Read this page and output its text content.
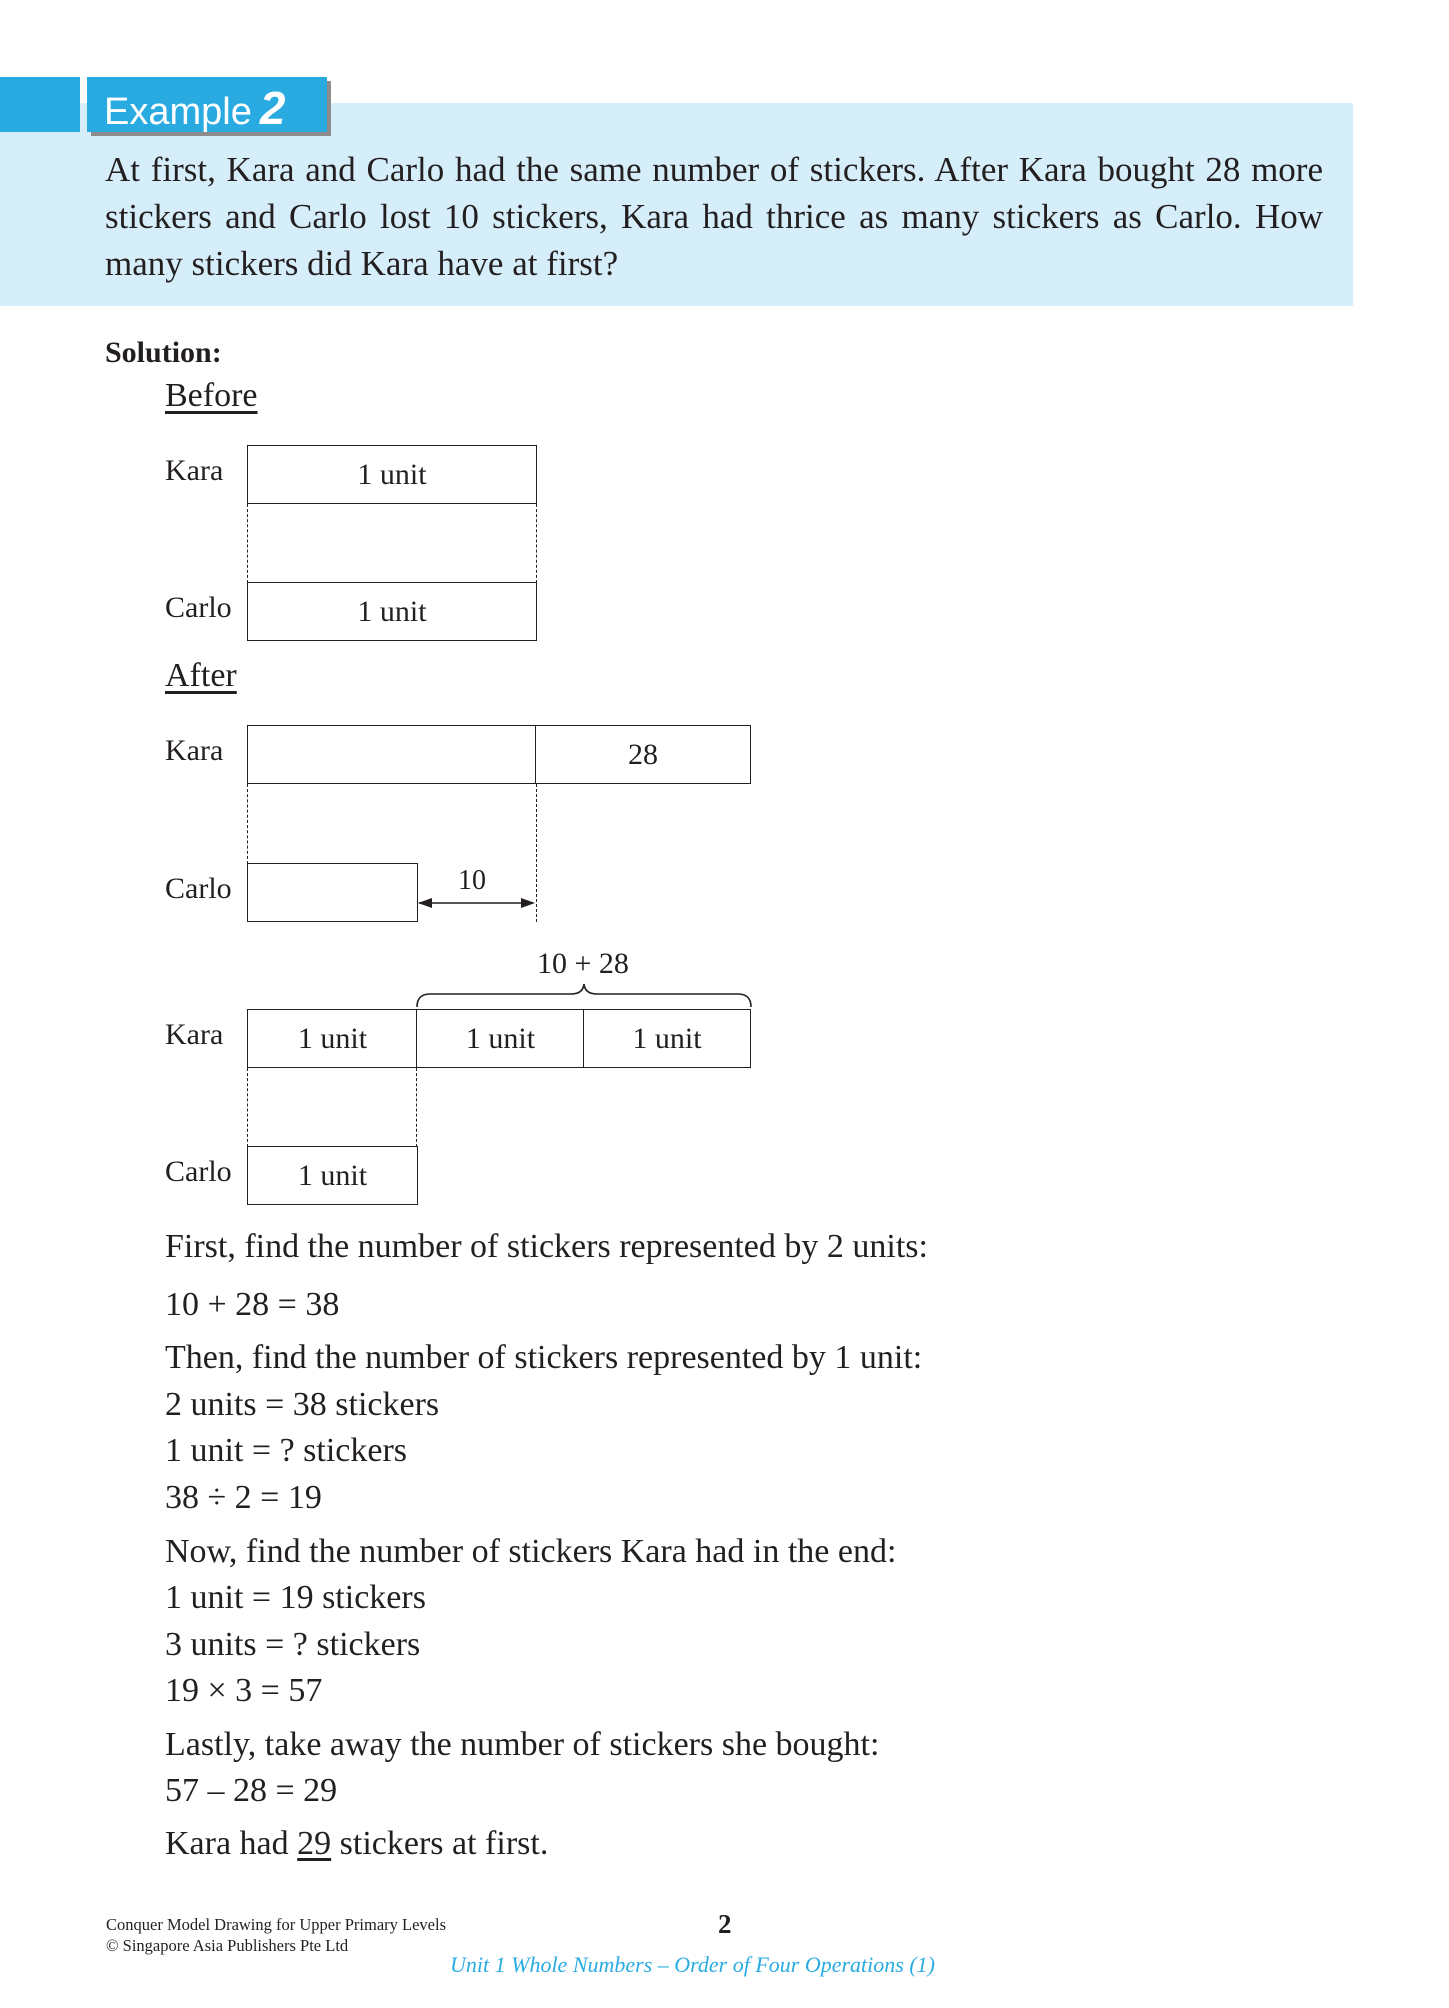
Example 2
At first, Kara and Carlo had the same number of stickers. After Kara bought 28 more stickers and Carlo lost 10 stickers, Kara had thrice as many stickers as Carlo. How many stickers did Kara have at first?
Solution:
Before
Kara	1 unit
Carlo	1 unit
After
Kara	28
Carlo	10
10 + 28
Kara	1 unit	1 unit	1 unit
Carlo	1 unit
First, find the number of stickers represented by 2 units:
10 + 28 = 38
Then, find the number of stickers represented by 1 unit:
2 units = 38 stickers
1 unit = ? stickers
38 ÷ 2 = 19
Now, find the number of stickers Kara had in the end:
1 unit = 19 stickers
3 units = ? stickers
19 × 3 = 57
Lastly, take away the number of stickers she bought:
57 – 28 = 29
Kara had 29 stickers at first.
Conquer Model Drawing for Upper Primary Levels
© Singapore Asia Publishers Pte Ltd
2
Unit 1 Whole Numbers – Order of Four Operations (1)
